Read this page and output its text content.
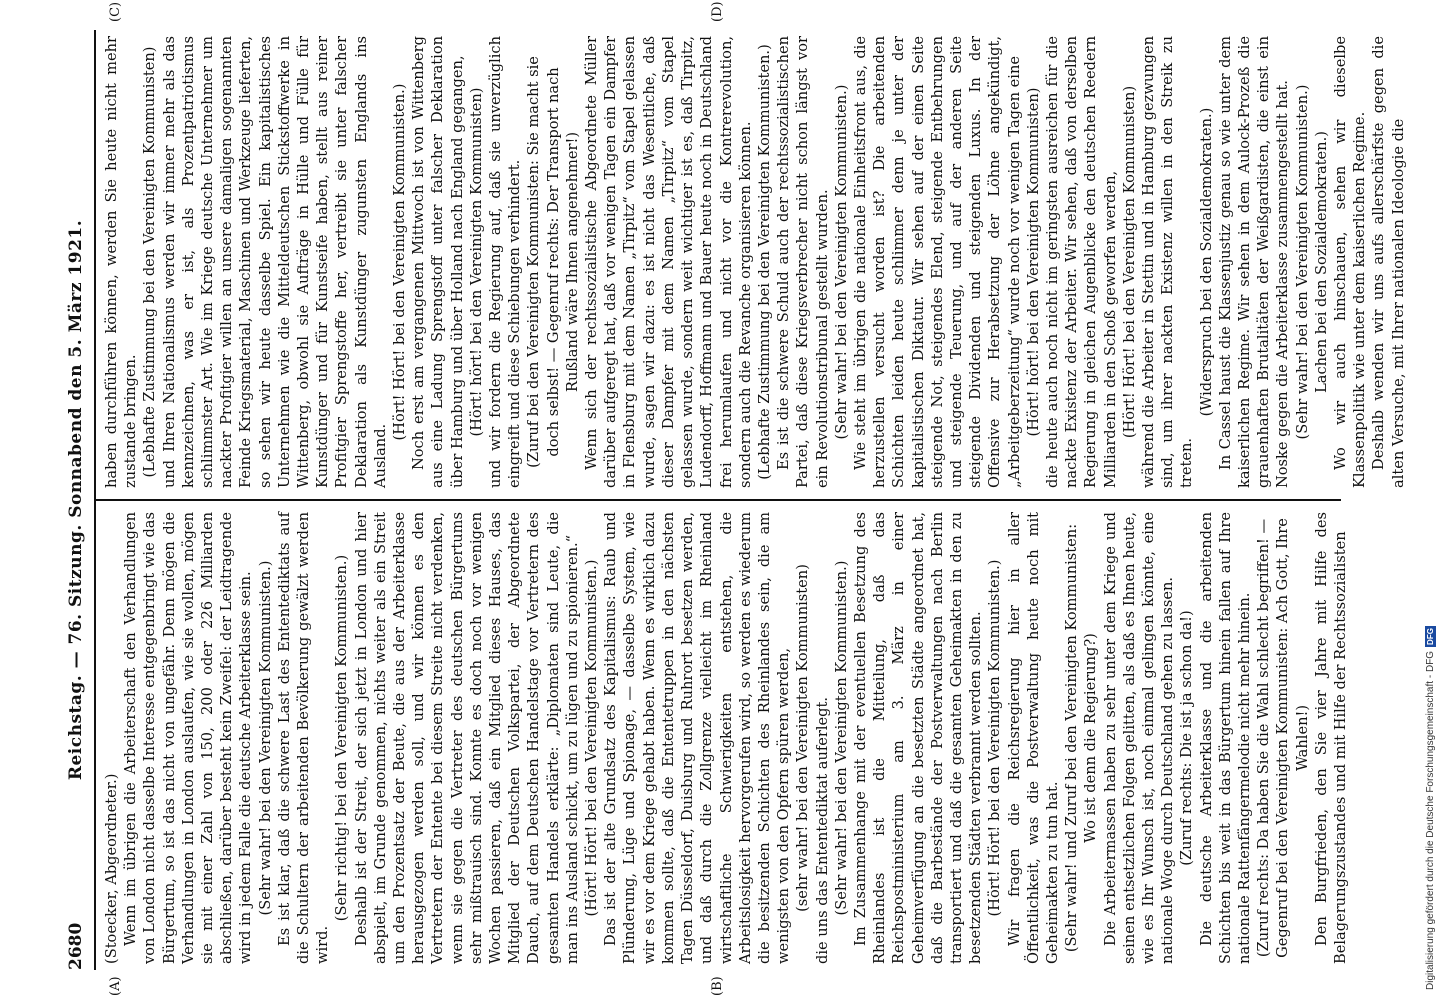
2680
Reichstag. — 76. Sitzung. Sonnabend den 5. März 1921.
(A)	(B)
(C)	(D)

(Stoecker, Abgeordneter.) Wenn im übrigen die Arbeiterschaft den Verhandlungen von London nicht dasselbe Interesse entgegenbringt wie das Bürgertum, so ist das nicht von ungefähr. Denn mögen die Verhandlungen in London auslaufen, wie sie wollen, mögen sie mit einer Zahl von 150, 200 oder 226 Milliarden abschließen, darüber besteht kein Zweifel: der Leidtragende wird in jedem Falle die deutsche Arbeiterklasse sein. (Sehr wahr! bei den Vereinigten Kommunisten.) Es ist klar, daß die schwere Last des Ententediktats auf die Schultern der arbeitenden Bevölkerung gewälzt werden wird.

(Sehr richtig! bei den Vereinigten Kommunisten.) Deshalb ist der Streit, der sich jetzt in London und hier abspielt, im Grunde genommen, nichts weiter als ein Streit um den Prozentsatz der Beute, die aus der Arbeiterklasse herausgezogen werden soll, und wir können es den Vertretern der Entente bei diesem Streite nicht verdenken, wenn sie gegen die Vertreter des deutschen Bürgertums sehr mißtrauisch sind. Konnte es doch noch vor wenigen Wochen passieren, daß ein Mitglied dieses Hauses, das Mitglied der Deutschen Volkspartei, der Abgeordnete Dauch, auf dem Deutschen Handelstage vor Vertretern des gesamten Handels erklärte: „Diplomaten sind Leute, die man ins Ausland schickt, um zu lügen und zu spionieren.“ (Hört! Hört! bei den Vereinigten Kommunisten.) Das ist der alte Grundsatz des Kapitalismus: Raub und Plünderung, Lüge und Spionage, — dasselbe System, wie wir es vor dem Kriege gehabt haben. Wenn es wirklich dazu kommen sollte, daß die Ententetruppen in den nächsten Tagen Düsseldorf, Duisburg und Ruhrort besetzen werden, und daß durch die Zollgrenze vielleicht im Rheinland wirtschaftliche Schwierigkeiten entstehen, die Arbeitslosigkeit hervorgerufen wird, so werden es wiederum die besitzenden Schichten des Rheinlandes sein, die am wenigsten von den Opfern spüren werden, (sehr wahr! bei den Vereinigten Kommunisten) die uns das Ententediktat auferlegt. (Sehr wahr! bei den Vereinigten Kommunisten.) Im Zusammenhange mit der eventuellen Besetzung des Rheinlandes ist die Mitteilung, daß das Reichspostministerium am 3. März in einer Geheimverfügung an die besetzten Städte angeordnet hat, daß die Barbestände der Postverwaltungen nach Berlin transportiert und daß die gesamten Geheimakten in den zu besetzenden Städten verbrannt werden sollten. (Hört! Hört! bei den Vereinigten Kommunisten.) Wir fragen die Reichsregierung hier in aller Öffentlichkeit, was die Postverwaltung heute noch mit Geheimakten zu tun hat. (Sehr wahr! und Zuruf bei den Vereinigten Kommunisten: Wo ist denn die Regierung?) Die Arbeitermassen haben zu sehr unter dem Kriege und seinen entsetzlichen Folgen gelitten, als daß es Ihnen heute, wie es Ihr Wunsch ist, noch einmal gelingen könnte, eine nationale Woge durch Deutschland gehen zu lassen. (Zuruf rechts: Die ist ja schon da!) Die deutsche Arbeiterklasse und die arbeitenden Schichten bis weit in das Bürgertum hinein fallen auf Ihre nationale Rattenfängermelodie nicht mehr hinein. (Zuruf rechts: Da haben Sie die Wahl schlecht begriffen! — Gegenruf bei den Vereinigten Kommunisten: Ach Gott, Ihre Wahlen!) Den Burgfrieden, den Sie vier Jahre mit Hilfe des Belagerungszustandes und mit Hilfe der Rechtssozialisten

haben durchführen können, werden Sie heute nicht mehr zustande bringen. (Lebhafte Zustimmung bei den Vereinigten Kommunisten) und Ihren Nationalismus werden wir immer mehr als das kennzeichnen, was er ist, als Prozentpatriotismus schlimmster Art. Wie im Kriege deutsche Unternehmer um nackter Profitgier willen an unsere damaligen sogenannten Feinde Kriegsmaterial, Maschinen und Werkzeuge lieferten, so sehen wir heute dasselbe Spiel. Ein kapitalistisches Unternehmen wie die Mitteldeutschen Stickstoffwerke in Wittenberg, obwohl sie Aufträge in Hülle und Fülle für Kunstdünger und für Kunstseife haben, stellt aus reiner Profitgier Sprengstoffe her, vertreibt sie unter falscher Deklaration als Kunstdünger zugunsten Englands ins Ausland.

(Hört! Hört! bei den Vereinigten Kommunisten.) Noch erst am vergangenen Mittwoch ist von Wittenberg aus eine Ladung Sprengstoff unter falscher Deklaration über Hamburg und über Holland nach England gegangen, (Hört! hört! bei den Vereinigten Kommunisten) und wir fordern die Regierung auf, daß sie unverzüglich eingreift und diese Schiebungen verhindert. (Zuruf bei den Vereinigten Kommunisten: Sie macht sie doch selbst! — Gegenruf rechts: Der Transport nach Rußland wäre Ihnen angenehmer!) Wenn sich der rechtssozialistische Abgeordnete Müller darüber aufgeregt hat, daß vor wenigen Tagen ein Dampfer in Flensburg mit dem Namen „Tirpitz“ vom Stapel gelassen wurde, sagen wir dazu: es ist nicht das Wesentliche, daß dieser Dampfer mit dem Namen „Tirpitz“ vom Stapel gelassen wurde, sondern weit wichtiger ist es, daß Tirpitz, Ludendorff, Hoffmann und Bauer heute noch in Deutschland frei herumlaufen und nicht vor die Kontrerevolution, sondern auch die Revanche organisieren können. (Lebhafte Zustimmung bei den Vereinigten Kommunisten.) Es ist die schwere Schuld auch der rechtssozialistischen Partei, daß diese Kriegsverbrecher nicht schon längst vor ein Revolutionstribunal gestellt wurden. (Sehr wahr! bei den Vereinigten Kommunisten.) Wie steht im übrigen die nationale Einheitsfront aus, die herzustellen versucht worden ist? Die arbeitenden Schichten leiden heute schlimmer denn je unter der kapitalistischen Diktatur. Wir sehen auf der einen Seite steigende Not, steigendes Elend, steigende Entbehrungen und steigende Teuerung, und auf der anderen Seite steigende Dividenden und steigenden Luxus. In der Offensive zur Herabsetzung der Löhne angekündigt, „Arbeitgeberzeitung“ wurde noch vor wenigen Tagen eine (Hört! hört! bei den Vereinigten Kommunisten) die heute auch noch nicht im geringsten ausreichen für die nackte Existenz der Arbeiter. Wir sehen, daß von derselben Regierung in gleichen Augenblicke den deutschen Reedern Milliarden in den Schoß geworfen werden, (Hört! Hört! bei den Vereinigten Kommunisten) während die Arbeiter in Stettin und in Hamburg gezwungen sind, um ihrer nackten Existenz willen in den Streik zu treten.

(Widerspruch bei den Sozialdemokraten.) In Cassel haust die Klassenjustiz genau so wie unter dem kaiserlichen Regime. Wir sehen in dem Aulock-Prozeß die grauenhaften Brutalitäten der Weißgardisten, die einst ein Noske gegen die Arbeiterklasse zusammengestellt hat. (Sehr wahr! bei den Vereinigten Kommunisten.) Lachen bei den Sozialdemokraten.) Wo wir auch hinschauen, sehen wir dieselbe Klassenpolitik wie unter dem kaiserlichen Regime. Deshalb wenden wir uns aufs allerschärfste gegen die alten Versuche, mit Ihrer nationalen Ideologie die

Digitalisierung gefördert durch die Deutsche Forschungsgemeinschaft - DFG
DFG
